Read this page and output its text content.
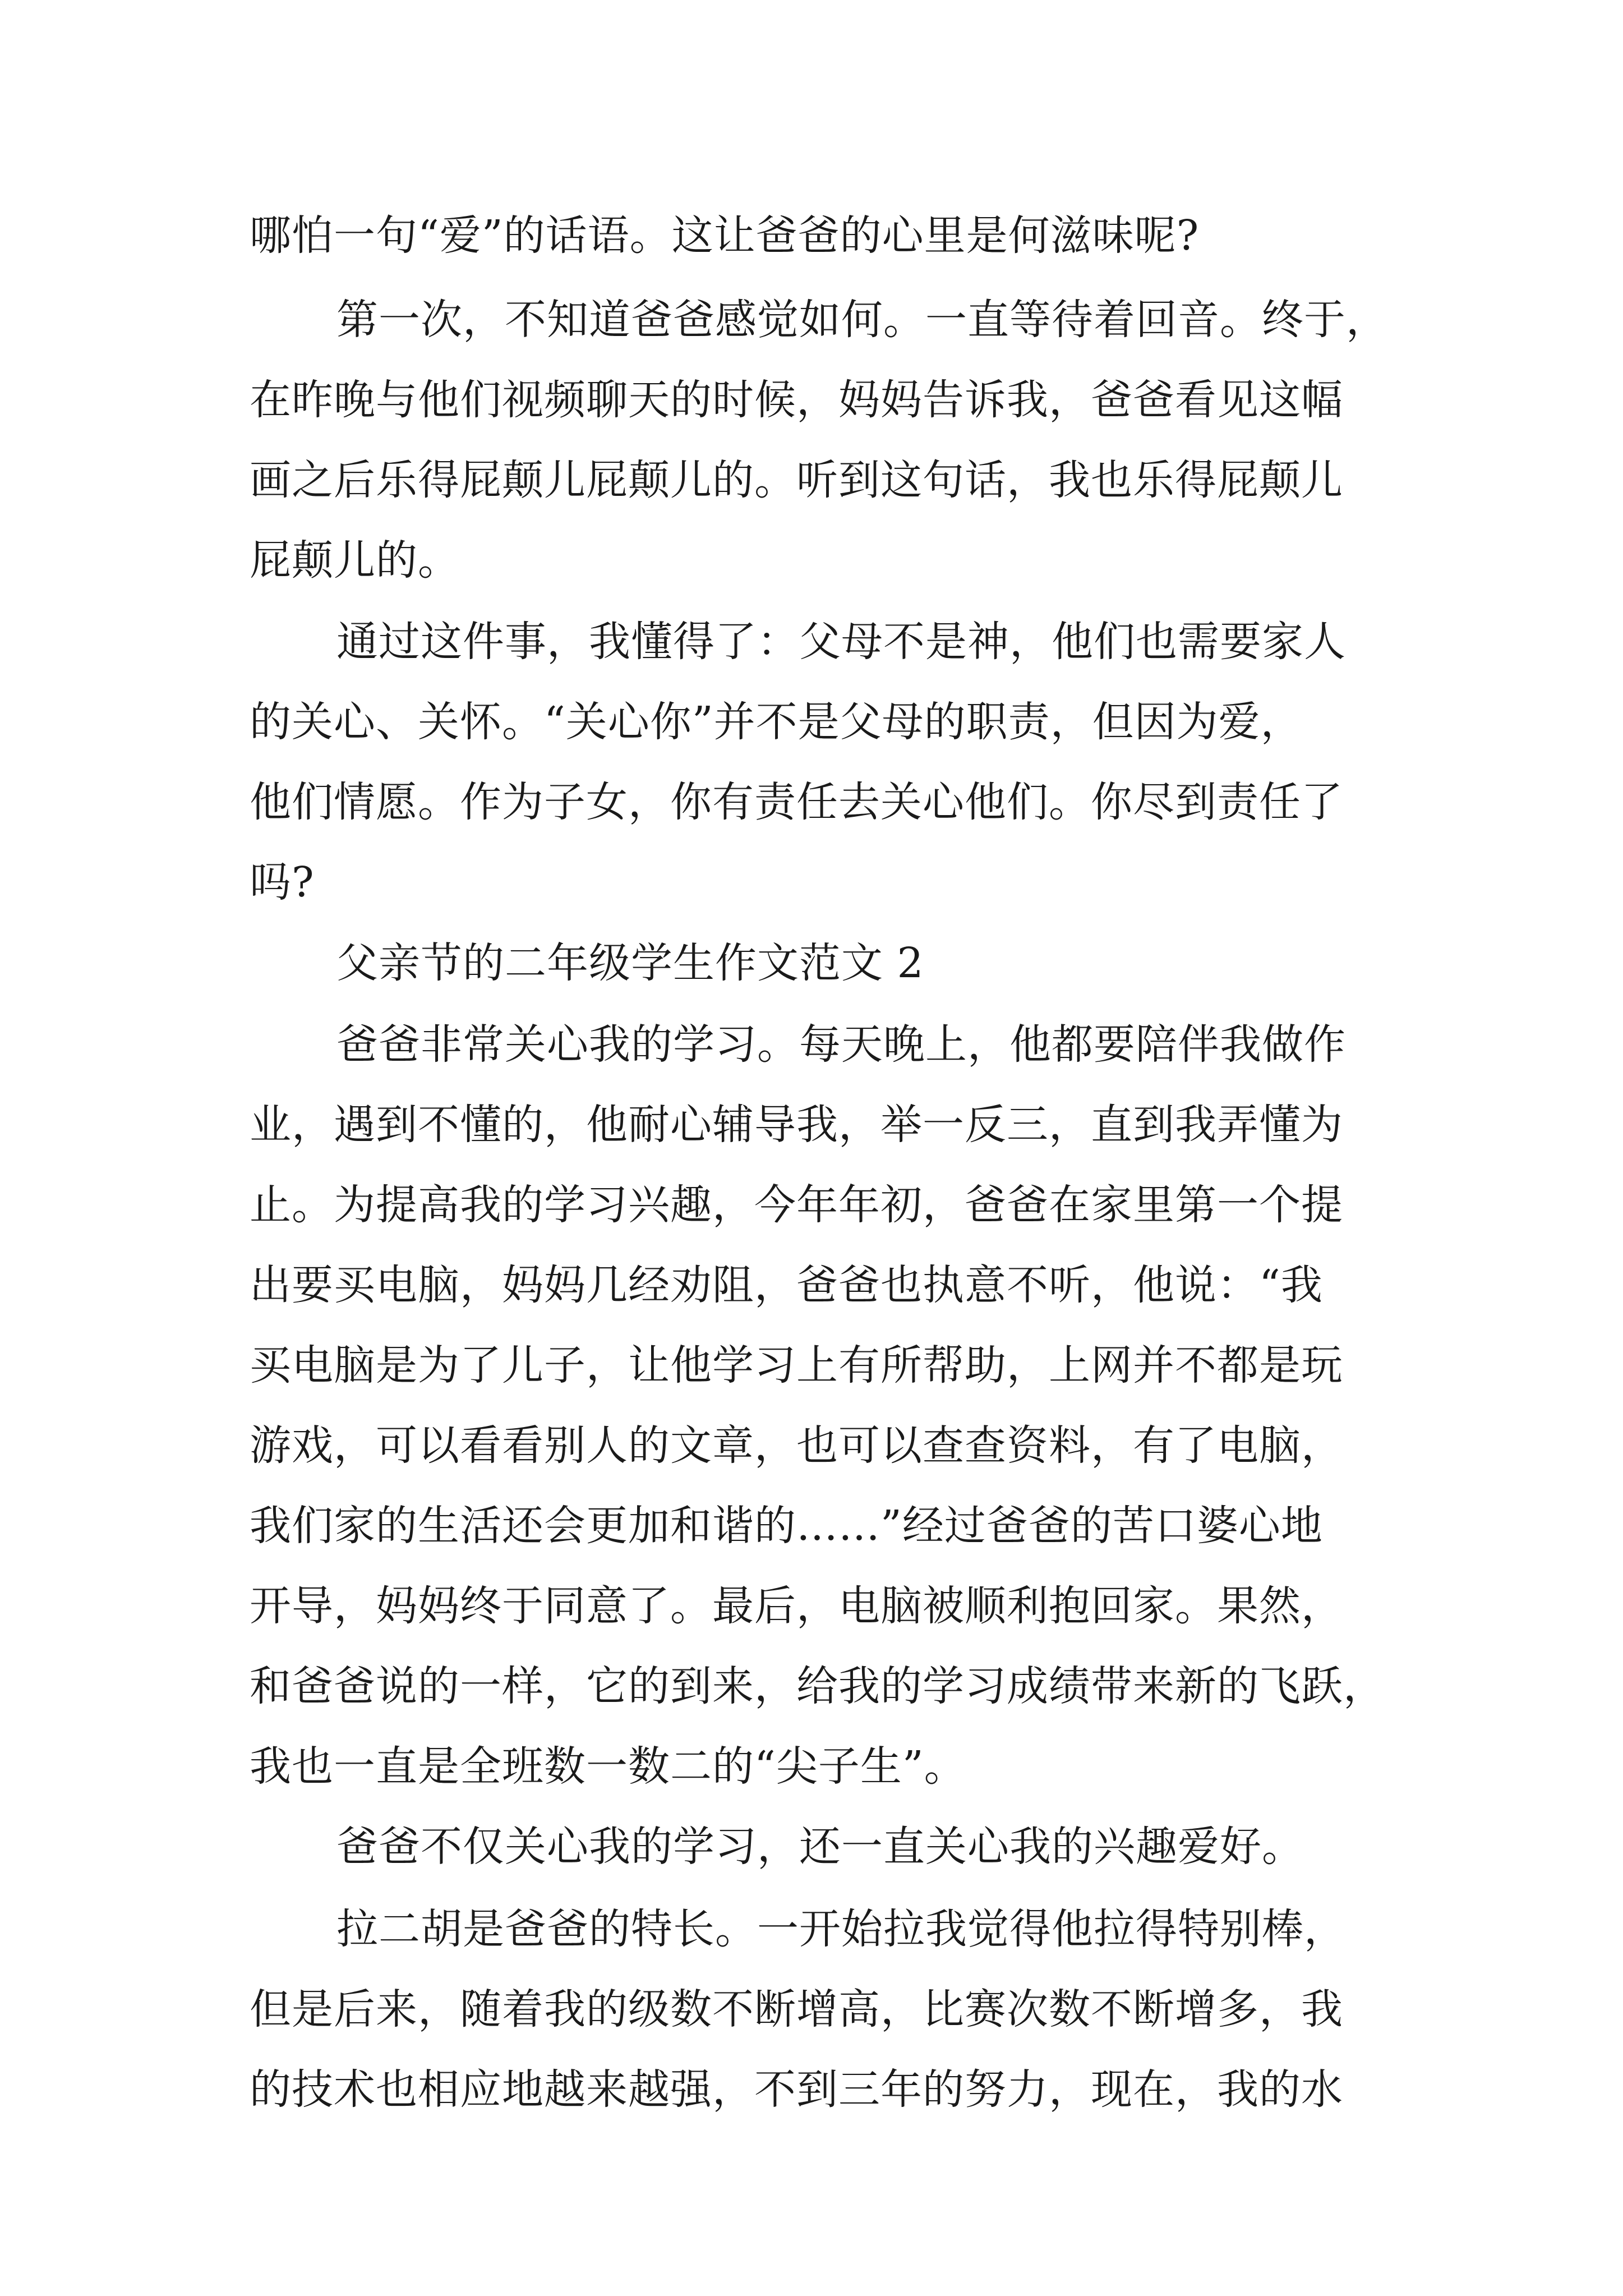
哪怕一句“爱”的话语。这让爸爸的心里是何滋味呢?
第一次，不知道爸爸感觉如何。一直等待着回音。终于，
在昨晚与他们视频聊天的时候，妈妈告诉我，爸爸看见这幅
画之后乐得屁颠儿屁颠儿的。听到这句话，我也乐得屁颠儿
屁颠儿的。
通过这件事，我懂得了：父母不是神，他们也需要家人
的关心、关怀。“关心你”并不是父母的职责，但因为爱，
他们情愿。作为子女，你有责任去关心他们。你尽到责任了
吗?
父亲节的二年级学生作文范文 2
爸爸非常关心我的学习。每天晚上，他都要陪伴我做作
业，遇到不懂的，他耐心辅导我，举一反三，直到我弄懂为
止。为提高我的学习兴趣，今年年初，爸爸在家里第一个提
出要买电脑，妈妈几经劝阻，爸爸也执意不听，他说：“我
买电脑是为了儿子，让他学习上有所帮助，上网并不都是玩
游戏，可以看看别人的文章，也可以查查资料，有了电脑，
我们家的生活还会更加和谐的……”经过爸爸的苦口婆心地
开导，妈妈终于同意了。最后，电脑被顺利抱回家。果然，
和爸爸说的一样，它的到来，给我的学习成绩带来新的飞跃，
我也一直是全班数一数二的“尖子生”。
爸爸不仅关心我的学习，还一直关心我的兴趣爱好。
拉二胡是爸爸的特长。一开始拉我觉得他拉得特别棒，
但是后来，随着我的级数不断增高，比赛次数不断增多，我
的技术也相应地越来越强，不到三年的努力，现在，我的水
